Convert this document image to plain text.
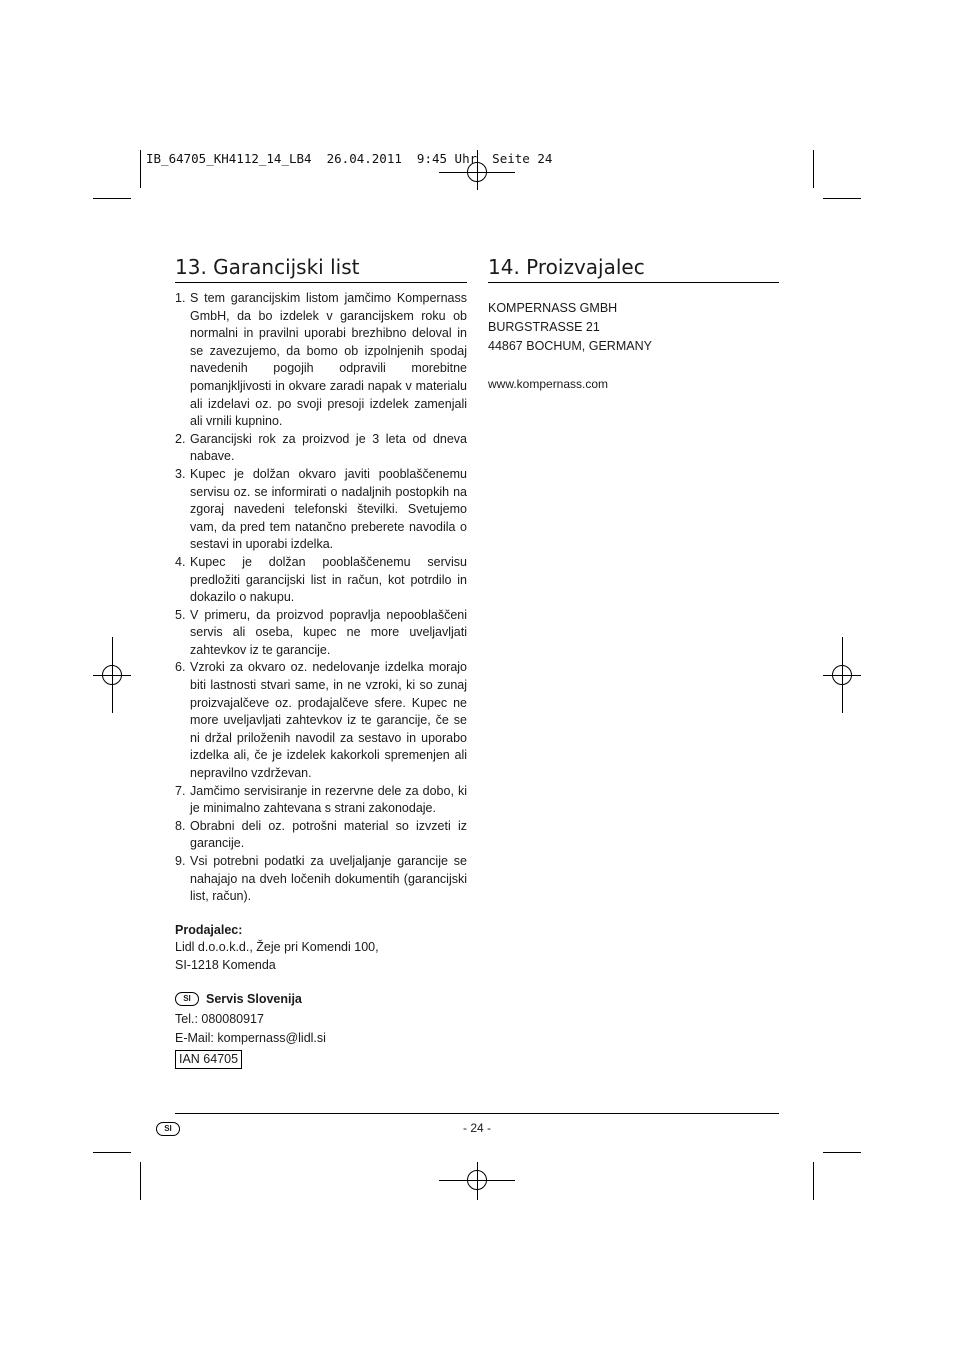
IB_64705_KH4112_14_LB4  26.04.2011  9:45 Uhr  Seite 24
13. Garancijski list
1. S tem garancijskim listom jamčimo Kompernass GmbH, da bo izdelek v garancijskem roku ob normalni in pravilni uporabi brezhibno deloval in se zavezujemo, da bomo ob izpolnjenih spodaj navedenih pogojih odpravili morebitne pomanjkljivosti in okvare zaradi napak v materialu ali izdelavi oz. po svoji presoji izdelek zamenjali ali vrnili kupnino.
2. Garancijski rok za proizvod je 3 leta od dneva nabave.
3. Kupec je dolžan okvaro javiti pooblaščenemu servisu oz. se informirati o nadaljnih postopkih na zgoraj navedeni telefonski številki. Svetujemo vam, da pred tem natančno preberete navodila o sestavi in uporabi izdelka.
4. Kupec je dolžan pooblaščenemu servisu predložiti garancijski list in račun, kot potrdilo in dokazilo o nakupu.
5. V primeru, da proizvod popravlja nepooblaščeni servis ali oseba, kupec ne more uveljavljati zahtevkov iz te garancije.
6. Vzroki za okvaro oz. nedelovanje izdelka morajo biti lastnosti stvari same, in ne vzroki, ki so zunaj proizvajalčeve oz. prodajalčeve sfere. Kupec ne more uveljavljati zahtevkov iz te garancije, če se ni držal priloženih navodil za sestavo in uporabo izdelka ali, če je izdelek kakorkoli spremenjen ali nepravilno vzdrževan.
7. Jamčimo servisiranje in rezervne dele za dobo, ki je minimalno zahtevana s strani zakonodaje.
8. Obrabni deli oz. potrošni material so izvzeti iz garancije.
9. Vsi potrebni podatki za uveljaljanje garancije se nahajajo na dveh ločenih dokumentih (garancijski list, račun).
Prodajalec:
Lidl d.o.o.k.d., Žeje pri Komendi 100,
SI-1218 Komenda
SI Servis Slovenija
Tel.: 080080917
E-Mail: kompernass@lidl.si
IAN 64705
14. Proizvajalec
KOMPERNASS GMBH
BURGSTRASSE 21
44867 BOCHUM, GERMANY
www.kompernass.com
SI	- 24 -
